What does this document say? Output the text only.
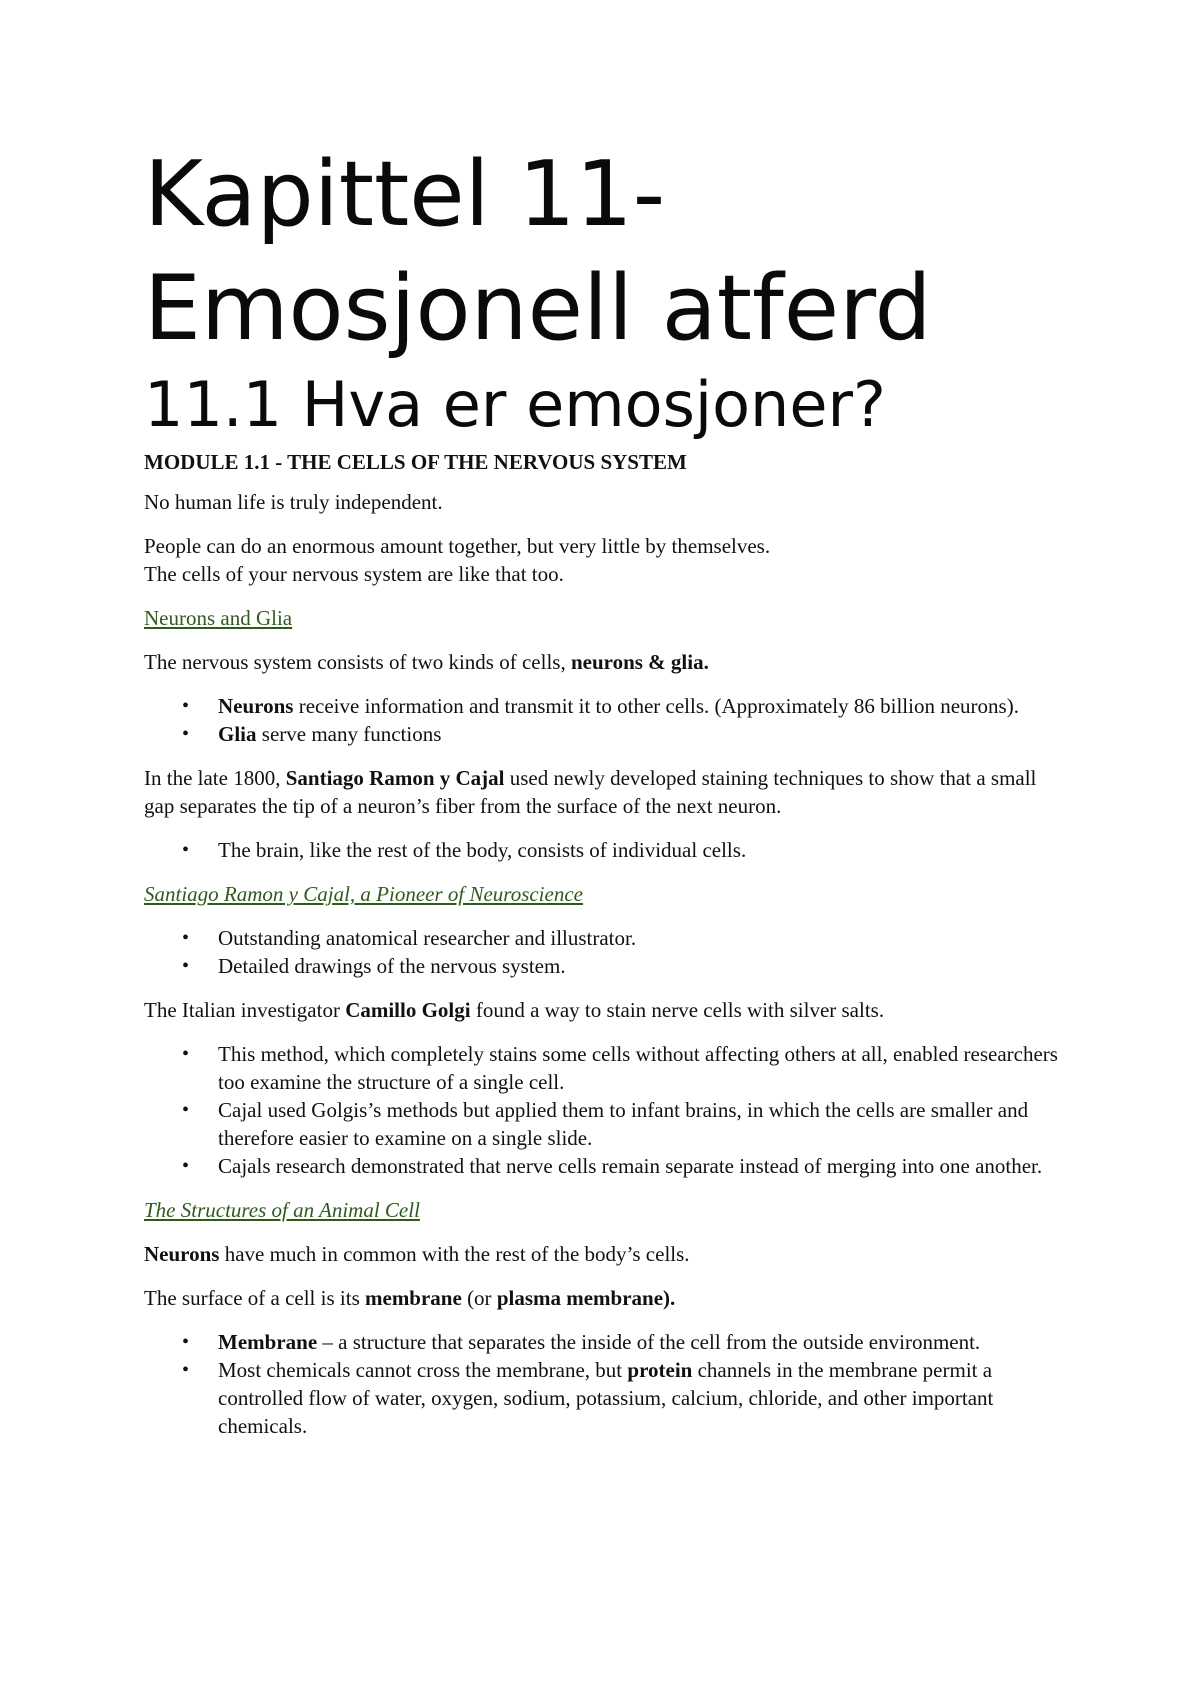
Kapittel 11-
Emosjonell atferd
11.1 Hva er emosjoner?
MODULE 1.1 - THE CELLS OF THE NERVOUS SYSTEM

No human life is truly independent.

People can do an enormous amount together, but very little by themselves.
The cells of your nervous system are like that too.

Neurons and Glia

The nervous system consists of two kinds of cells, neurons & glia.

• Neurons receive information and transmit it to other cells. (Approximately 86 billion neurons).
• Glia serve many functions

In the late 1800, Santiago Ramon y Cajal used newly developed staining techniques to show that a small gap separates the tip of a neuron’s fiber from the surface of the next neuron.

• The brain, like the rest of the body, consists of individual cells.
Santiago Ramon y Cajal, a Pioneer of Neuroscience
• Outstanding anatomical researcher and illustrator.
• Detailed drawings of the nervous system.

The Italian investigator Camillo Golgi found a way to stain nerve cells with silver salts.

• This method, which completely stains some cells without affecting others at all, enabled researchers too examine the structure of a single cell.
• Cajal used Golgis’s methods but applied them to infant brains, in which the cells are smaller and therefore easier to examine on a single slide.
• Cajals research demonstrated that nerve cells remain separate instead of merging into one another.
The Structures of an Animal Cell

Neurons have much in common with the rest of the body’s cells.

The surface of a cell is its membrane (or plasma membrane).

• Membrane – a structure that separates the inside of the cell from the outside environment.
• Most chemicals cannot cross the membrane, but protein channels in the membrane permit a controlled flow of water, oxygen, sodium, potassium, calcium, chloride, and other important chemicals.
